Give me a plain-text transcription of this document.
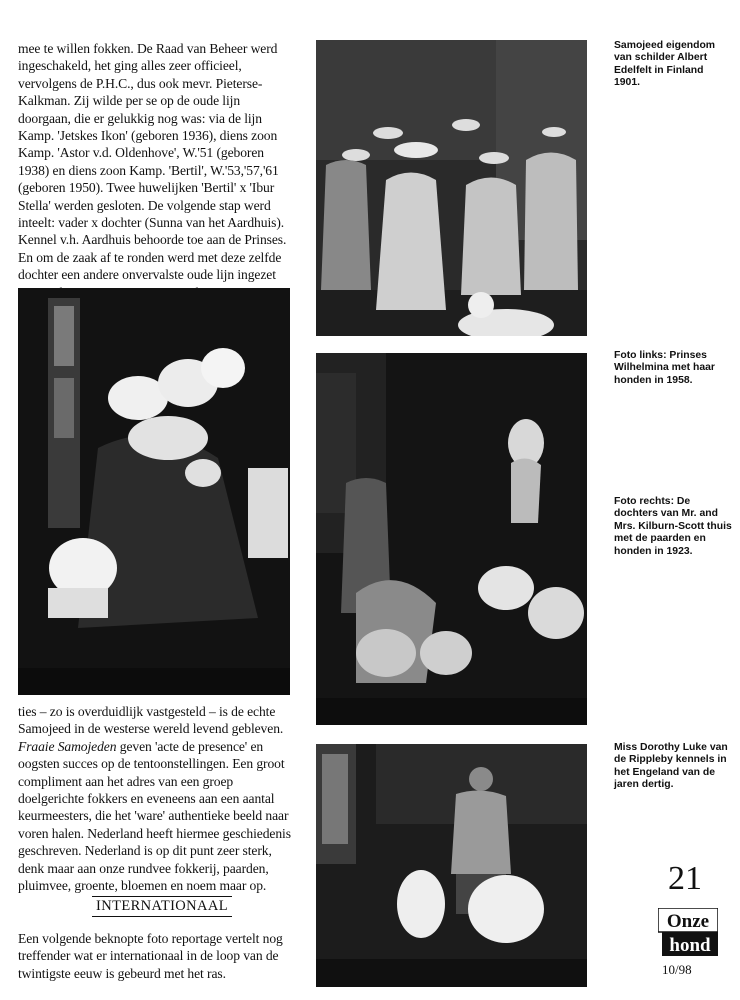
mee te willen fokken. De Raad van Beheer werd ingeschakeld, het ging alles zeer officieel, vervolgens de P.H.C., dus ook mevr. Pieterse-Kalkman. Zij wilde per se op de oude lijn doorgaan, die er gelukkig nog was: via de lijn Kamp. 'Jetskes Ikon' (geboren 1936), diens zoon Kamp. 'Astor v.d. Oldenhove', W.'51 (geboren 1938) en diens zoon Kamp. 'Bertil', W.'53,'57,'61 (geboren 1950). Twee huwelijken 'Bertil' x 'Ibur Stella' werden gesloten. De volgende stap werd inteelt: vader x dochter (Sunna van het Aardhuis). Kennel v.h. Aardhuis behoorde toe aan de Prinses. En om de zaak af te ronden werd met deze zelfde dochter een andere onvervalste oude lijn ingezet

Samojeed eigendom van schilder Albert Edelfelt in Finland 1901.
Foto links: Prinses Wilhelmina met haar honden in 1958.
Foto rechts: De dochters van Mr. and Mrs. Kilburn-Scott thuis met de paarden en honden in 1923.

ties – zo is overduidlijk vastgesteld – is de echte Samojeed in de westerse wereld levend gebleven. Fraaie Samojeden geven 'acte de presence' en oogsten succes op de tentoonstellingen. Een groot compliment aan het adres van een groep doelgerichte fokkers en eveneens aan een aantal keurmeesters, die het 'ware' authentieke beeld naar voren halen. Nederland heeft hiermee geschiedenis geschreven. Nederland is op dit punt zeer sterk, denk maar aan onze rundvee fokkerij, paarden, pluimvee, groente, bloemen en noem maar op.

INTERNATIONAAL

Een volgende beknopte foto reportage vertelt nog treffender wat er internationaal in de loop van de twintigste eeuw is gebeurd met het ras.

Miss Dorothy Luke van de Rippleby kennels in het Engeland van de jaren dertig.
21
Onze
hond
10/98
